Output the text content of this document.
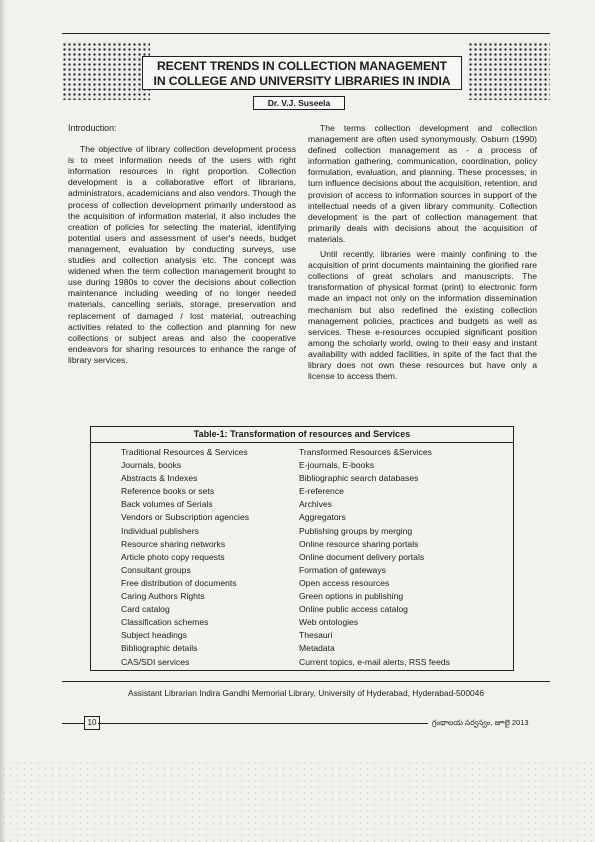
RECENT TRENDS IN COLLECTION MANAGEMENT
IN COLLEGE AND UNIVERSITY LIBRARIES IN INDIA
Dr. V.J. Suseela
Introduction:

The objective of library collection development process is to meet information needs of the users with right information resources in right proportion. Collection development is a collaborative effort of librarians, administrators, academicians and also vendors. Though the process of collection development primarily understood as the acquisition of information material, it also includes the creation of policies for selecting the material, identifying potential users and assessment of user's needs, budget management, evaluation by conducting surveys, use studies and collection analysis etc. The concept was widened when the term collection management brought to use during 1980s to cover the decisions about collection maintenance including weeding of no longer needed materials, cancelling serials, storage, preservation and replacement of damaged / lost material, outreaching activities related to the collection and planning for new collections or subject areas and also the cooperative endeavors for sharing resources to enhance the range of library services.

The terms collection development and collection management are often used synonymously. Osburn (1990) defined collection management as - a process of information gathering, communication, coordination, policy formulation, evaluation, and planning. These processes, in turn influence decisions about the acquisition, retention, and provision of access to information sources in support of the intellectual needs of a given library community. Collection development is the part of collection management that primarily deals with decisions about the acquisition of materials.

Until recently, libraries were mainly confining to the acquisition of print documents maintaining the glorified rare collections of great scholars and manuscripts. The transformation of physical format (print) to electronic form made an impact not only on the information dissemination mechanism but also redefined the existing collection management policies, practices and budgets as well as services. These e-resources occupied significant position among the scholarly world, owing to their easy and instant availability with added facilities, in spite of the fact that the library does not own these resources but have only a license to access them.

Table-1: Transformation of resources and Services
Traditional Resources & Services
Journals, books
Abstracts & Indexes
Reference books or sets
Back volumes of Serials
Vendors or Subscription agencies
Individual publishers
Resource sharing networks
Article photo copy requests
Consultant groups
Free distribution of documents
Caring Authors Rights
Card catalog
Classification schemes
Subject headings
Bibliographic details
CAS/SDI services
Transformed Resources &Services
E-journals, E-books
Bibliographic search databases
E-reference
Archives
Aggregators
Publishing groups by merging
Online resource sharing portals
Online document delivery portals
Formation of gateways
Open access resources
Green options in publishing
Online public access catalog
Web ontologies
Thesauri
Metadata
Current topics, e-mail alerts, RSS feeds
Assistant Librarian Indira Gandhi Memorial Library, University of Hyderabad, Hyderabad-500046
10	గ్రంథాలయ సర్వస్వం, జూలై 2013
